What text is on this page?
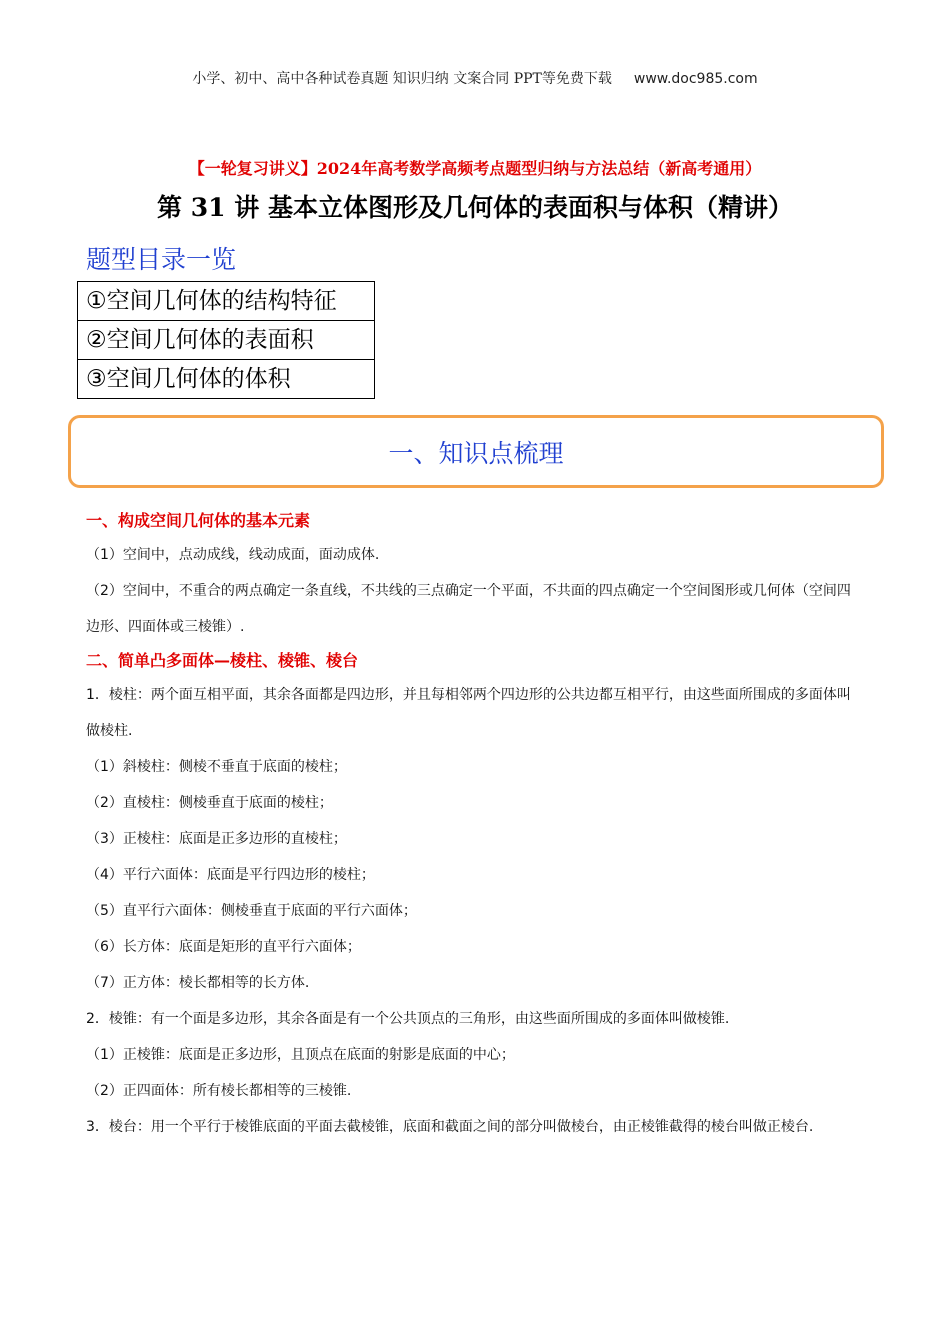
小学、初中、高中各种试卷真题 知识归纳 文案合同 PPT等免费下载 www.doc985.com
【一轮复习讲义】2024年高考数学高频考点题型归纳与方法总结（新高考通用）
第 31 讲 基本立体图形及几何体的表面积与体积（精讲）
题型目录一览
①空间几何体的结构特征
②空间几何体的表面积
③空间几何体的体积
一、知识点梳理

一、构成空间几何体的基本元素

（1）空间中，点动成线，线动成面，面动成体.

（2）空间中，不重合的两点确定一条直线，不共线的三点确定一个平面，不共面的四点确定一个空间图形或几何体（空间四边形、四面体或三棱锥）.

二、简单凸多面体—棱柱、棱锥、棱台

1．棱柱：两个面互相平面，其余各面都是四边形，并且每相邻两个四边形的公共边都互相平行，由这些面所围成的多面体叫做棱柱.

（1）斜棱柱：侧棱不垂直于底面的棱柱；

（2）直棱柱：侧棱垂直于底面的棱柱；

（3）正棱柱：底面是正多边形的直棱柱；

（4）平行六面体：底面是平行四边形的棱柱；

（5）直平行六面体：侧棱垂直于底面的平行六面体；

（6）长方体：底面是矩形的直平行六面体；

（7）正方体：棱长都相等的长方体.

2．棱锥：有一个面是多边形，其余各面是有一个公共顶点的三角形，由这些面所围成的多面体叫做棱锥.

（1）正棱锥：底面是正多边形，且顶点在底面的射影是底面的中心；

（2）正四面体：所有棱长都相等的三棱锥.

3．棱台：用一个平行于棱锥底面的平面去截棱锥，底面和截面之间的部分叫做棱台，由正棱锥截得的棱台叫做正棱台.
